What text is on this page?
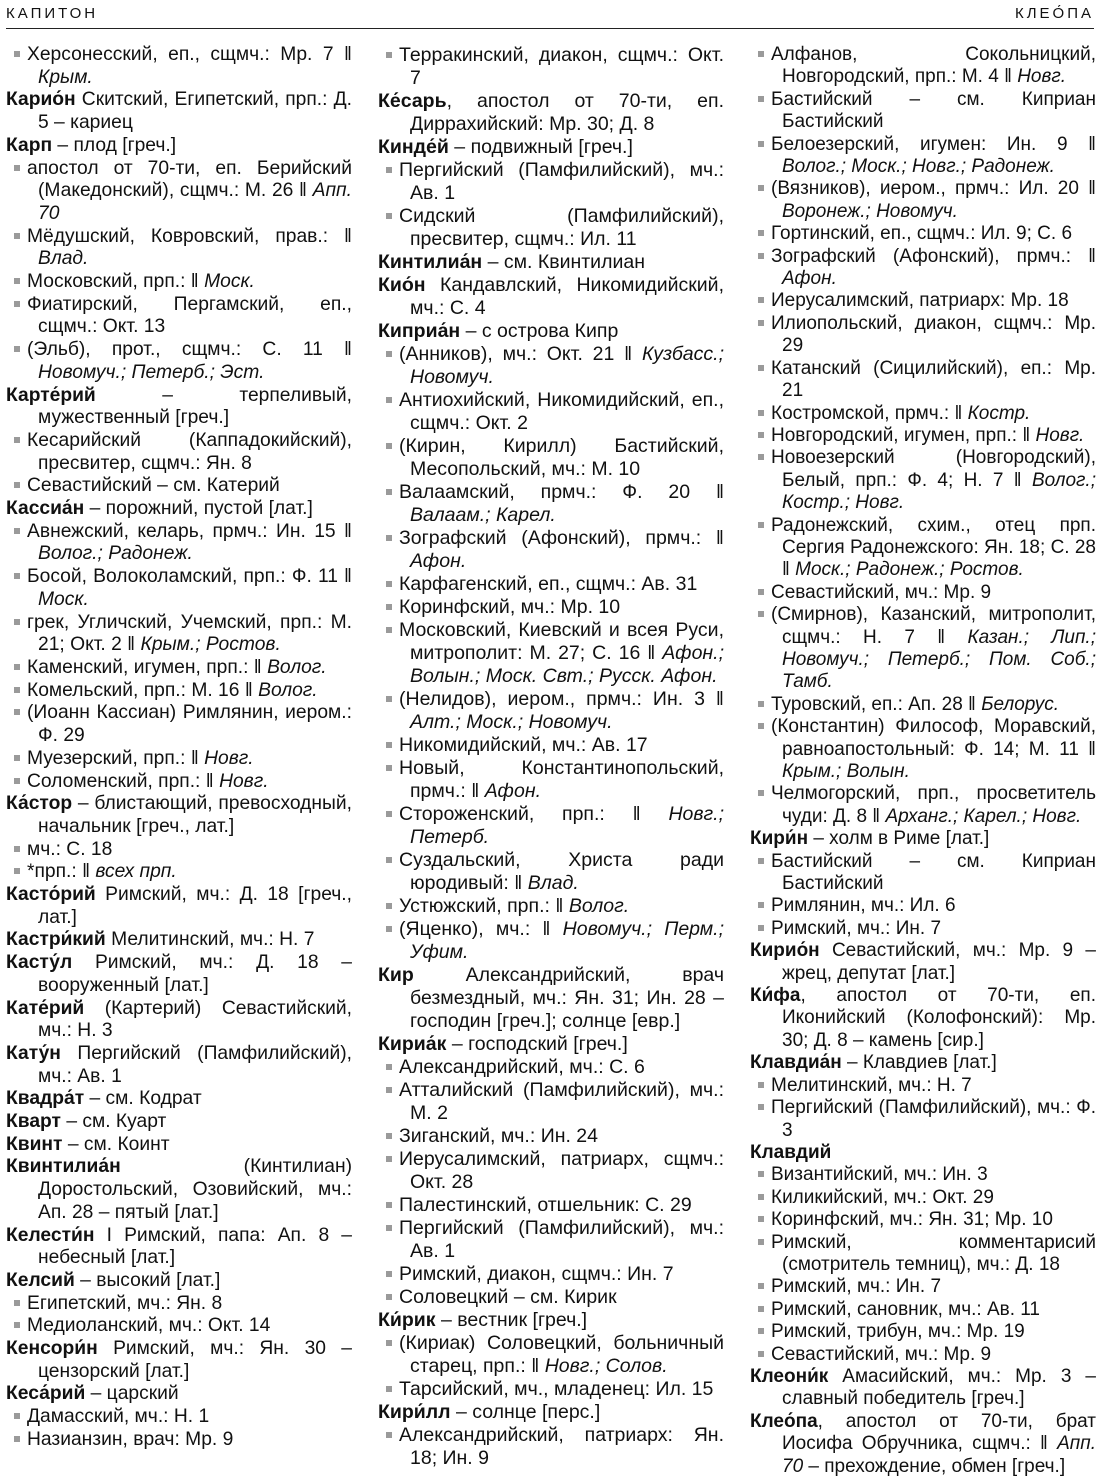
КАПИТОН	КЛЕО́ПА
Херсонесский, еп., сщмч.: Мр. 7 ‖ Крым.
Карио́н Скитский, Египетский, прп.: Д. 5 – кариец
Карп – плод [греч.]
апостол от 70-ти, еп. Берийский (Македонский), сщмч.: М. 26 ‖ Апп. 70
Мёдушский, Ковровский, прав.: ‖ Влад.
Московский, прп.: ‖ Моск.
Фиатирский, Пергамский, еп., сщмч.: Окт. 13
(Эльб), прот., сщмч.: С. 11 ‖ Новомуч.; Петерб.; Эст.
Карте́рий – терпеливый, мужественный [греч.]
Кесарийский (Каппадокийский), пресвитер, сщмч.: Ян. 8
Севастийский – см. Катерий
Кассиа́н – порожний, пустой [лат.]
Авнежский, келарь, прмч.: Ин. 15 ‖ Волог.; Радонеж.
Босой, Волоколамский, прп.: Ф. 11 ‖ Моск.
грек, Угличский, Учемский, прп.: М. 21; Окт. 2 ‖ Крым.; Ростов.
Каменский, игумен, прп.: ‖ Волог.
Комельский, прп.: М. 16 ‖ Волог.
(Иоанн Кассиан) Римлянин, иером.: Ф. 29
Муезерский, прп.: ‖ Новг.
Соломенский, прп.: ‖ Новг.
Ка́стор – блистающий, превосходный, начальник [греч., лат.]
мч.: С. 18
*прп.: ‖ всех прп.
Касто́рий Римский, мч.: Д. 18 [греч., лат.]
Кастри́кий Мелитинский, мч.: Н. 7
Касту́л Римский, мч.: Д. 18 – вооруженный [лат.]
Кате́рий (Картерий) Севастийский, мч.: Н. 3
Кату́н Пергийский (Памфилийский), мч.: Ав. 1
Квадра́т – см. Кодрат
Кварт – см. Куарт
Квинт – см. Коинт
Квинтилиа́н (Кинтилиан) Доростольский, Озовийский, мч.: Ап. 28 – пятый [лат.]
Келести́н I Римский, папа: Ап. 8 – небесный [лат.]
Келсий – высокий [лат.]
Египетский, мч.: Ян. 8
Медиоланский, мч.: Окт. 14
Кенсори́н Римский, мч.: Ян. 30 – цензорский [лат.]
Кеса́рий – царский
Дамасский, мч.: Н. 1
Назианзин, врач: Мр. 9
Терракинский, диакон, сщмч.: Окт. 7
Ке́сарь, апостол от 70-ти, еп. Диррахийский: Мр. 30; Д. 8
Кинде́й – подвижный [греч.]
Пергийский (Памфилийский), мч.: Ав. 1
Сидский (Памфилийский), пресвитер, сщмч.: Ил. 11
Кинтилиа́н – см. Квинтилиан
Кио́н Кандавлский, Никомидийский, мч.: С. 4
Киприа́н – с острова Кипр
(Анников), мч.: Окт. 21 ‖ Кузбасс.; Новомуч.
Антиохийский, Никомидийский, еп., сщмч.: Окт. 2
(Кирин, Кирилл) Бастийский, Месопольский, мч.: М. 10
Валаамский, прмч.: Ф. 20 ‖ Валаам.; Карел.
Зографский (Афонский), прмч.: ‖ Афон.
Карфагенский, еп., сщмч.: Ав. 31
Коринфский, мч.: Мр. 10
Московский, Киевский и всея Руси, митрополит: М. 27; С. 16 ‖ Афон.; Волын.; Моск. Свт.; Русск. Афон.
(Нелидов), иером., прмч.: Ин. 3 ‖ Алт.; Моск.; Новомуч.
Никомидийский, мч.: Ав. 17
Новый, Константинопольский, прмч.: ‖ Афон.
Стороженский, прп.: ‖ Новг.; Петерб.
Суздальский, Христа ради юродивый: ‖ Влад.
Устюжский, прп.: ‖ Волог.
(Яценко), мч.: ‖ Новомуч.; Перм.; Уфим.
Кир Александрийский, врач безмездный, мч.: Ян. 31; Ин. 28 – господин [греч.]; солнце [евр.]
Кириа́к – господский [греч.]
Александрийский, мч.: С. 6
Атталийский (Памфилийский), мч.: М. 2
Зиганский, мч.: Ин. 24
Иерусалимский, патриарх, сщмч.: Окт. 28
Палестинский, отшельник: С. 29
Пергийский (Памфилийский), мч.: Ав. 1
Римский, диакон, сщмч.: Ин. 7
Соловецкий – см. Кирик
Ки́рик – вестник [греч.]
(Кириак) Соловецкий, больничный старец, прп.: ‖ Новг.; Солов.
Тарсийский, мч., младенец: Ил. 15
Кири́лл – солнце [перс.]
Александрийский, патриарх: Ян. 18; Ин. 9
Алфанов, Сокольницкий, Новгородский, прп.: М. 4 ‖ Новг.
Бастийский – см. Киприан Бастийский
Белоезерский, игумен: Ин. 9 ‖ Волог.; Моск.; Новг.; Радонеж.
(Вязников), иером., прмч.: Ил. 20 ‖ Воронеж.; Новомуч.
Гортинский, еп., сщмч.: Ил. 9; С. 6
Зографский (Афонский), прмч.: ‖ Афон.
Иерусалимский, патриарх: Мр. 18
Илиопольский, диакон, сщмч.: Мр. 29
Катанский (Сицилийский), еп.: Мр. 21
Костромской, прмч.: ‖ Костр.
Новгородский, игумен, прп.: ‖ Новг.
Новоезерский (Новгородский), Белый, прп.: Ф. 4; Н. 7 ‖ Волог.; Костр.; Новг.
Радонежский, схим., отец прп. Сергия Радонежского: Ян. 18; С. 28 ‖ Моск.; Радонеж.; Ростов.
Севастийский, мч.: Мр. 9
(Смирнов), Казанский, митрополит, сщмч.: Н. 7 ‖ Казан.; Лип.; Новомуч.; Петерб.; Пом. Соб.; Тамб.
Туровский, еп.: Ап. 28 ‖ Белорус.
(Константин) Философ, Моравский, равноапостольный: Ф. 14; М. 11 ‖ Крым.; Волын.
Челмогорский, прп., просветитель чуди: Д. 8 ‖ Арханг.; Карел.; Новг.
Кири́н – холм в Риме [лат.]
Бастийский – см. Киприан Бастийский
Римлянин, мч.: Ил. 6
Римский, мч.: Ин. 7
Кирио́н Севастийский, мч.: Мр. 9 – жрец, депутат [лат.]
Ки́фа, апостол от 70-ти, еп. Иконийский (Колофонский): Мр. 30; Д. 8 – камень [сир.]
Клавдиа́н – Клавдиев [лат.]
Мелитинский, мч.: Н. 7
Пергийский (Памфилийский), мч.: Ф. 3
Клавдий
Византийский, мч.: Ин. 3
Киликийский, мч.: Окт. 29
Коринфский, мч.: Ян. 31; Мр. 10
Римский, комментарисий (смотритель темниц), мч.: Д. 18
Римский, мч.: Ин. 7
Римский, сановник, мч.: Ав. 11
Римский, трибун, мч.: Мр. 19
Севастийский, мч.: Мр. 9
Клеони́к Амасийский, мч.: Мр. 3 – славный победитель [греч.]
Клео́па, апостол от 70-ти, брат Иосифа Обручника, сщмч.: ‖ Апп. 70 – прехождение, обмен [греч.]
